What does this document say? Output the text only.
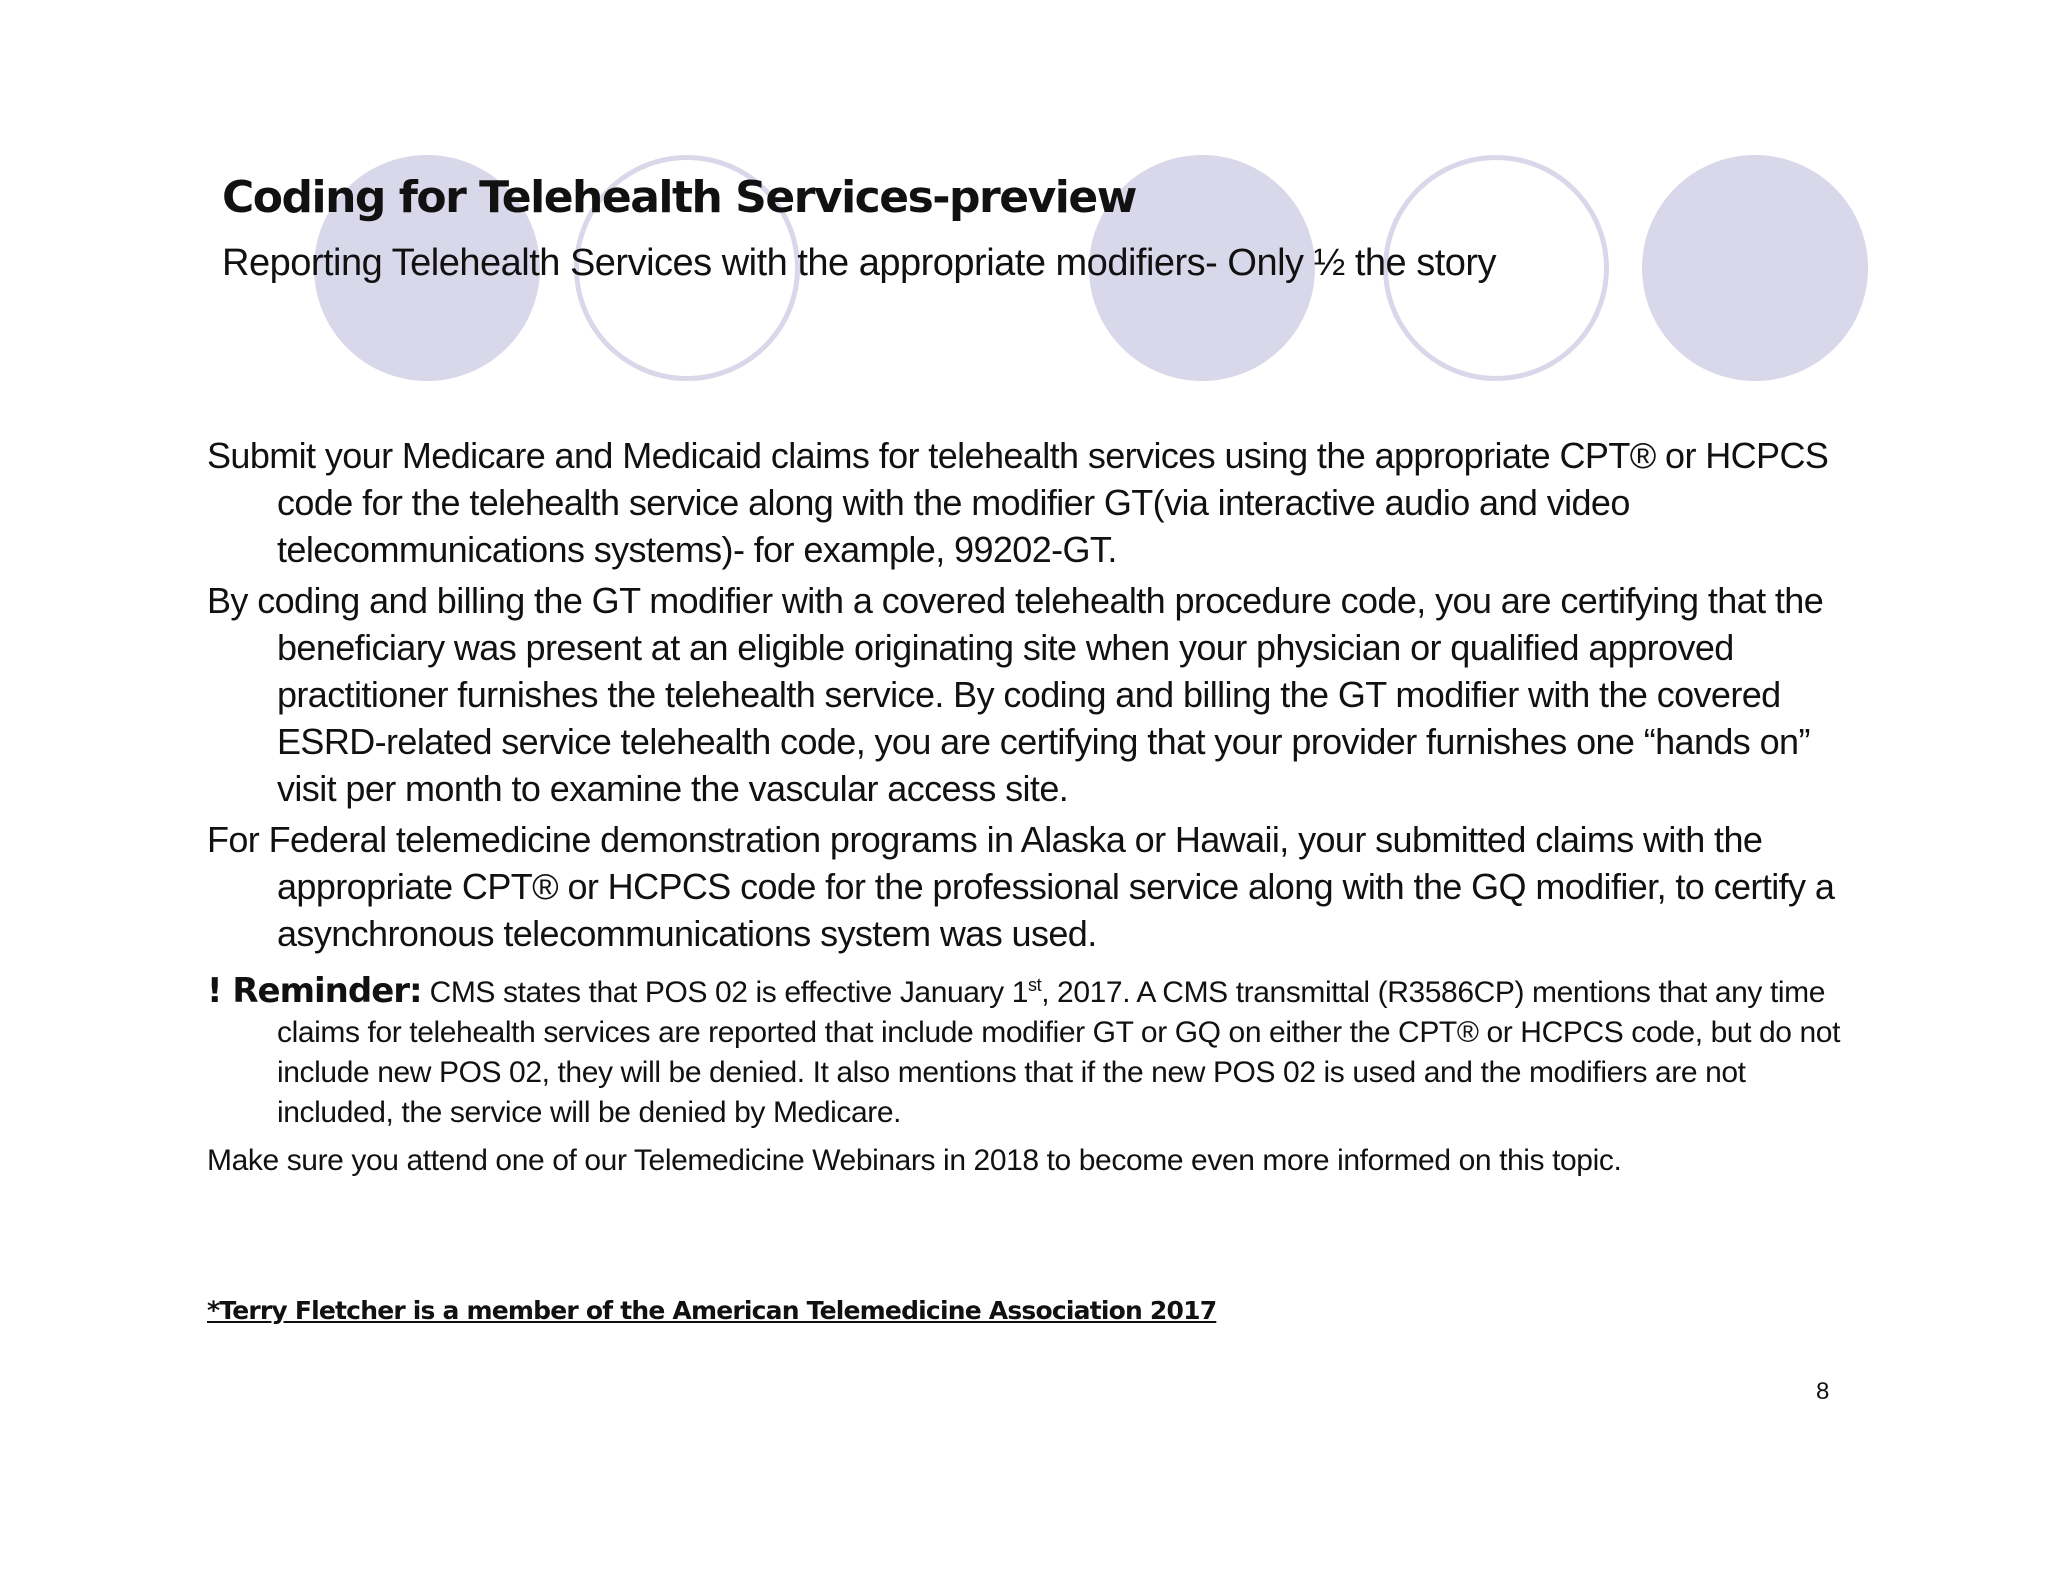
Coding for Telehealth Services-preview
Reporting Telehealth Services with the appropriate modifiers- Only ½ the story

Submit your Medicare and Medicaid claims for telehealth services using the appropriate CPT® or HCPCS code for the telehealth service along with the modifier GT(via interactive audio and video telecommunications systems)- for example, 99202-GT.

By coding and billing the GT modifier with a covered telehealth procedure code, you are certifying that the beneficiary was present at an eligible originating site when your physician or qualified approved practitioner furnishes the telehealth service. By coding and billing the GT modifier with the covered ESRD-related service telehealth code, you are certifying that your provider furnishes one “hands on” visit per month to examine the vascular access site.

For Federal telemedicine demonstration programs in Alaska or Hawaii, your submitted claims with the appropriate CPT® or HCPCS code for the professional service along with the GQ modifier, to certify a asynchronous telecommunications system was used.

! Reminder: CMS states that POS 02 is effective January 1st, 2017. A CMS transmittal (R3586CP) mentions that any time claims for telehealth services are reported that include modifier GT or GQ on either the CPT® or HCPCS code, but do not include new POS 02, they will be denied. It also mentions that if the new POS 02 is used and the modifiers are not included, the service will be denied by Medicare.
Make sure you attend one of our Telemedicine Webinars in 2018 to become even more informed on this topic.
*Terry Fletcher is a member of the American Telemedicine Association 2017
8
